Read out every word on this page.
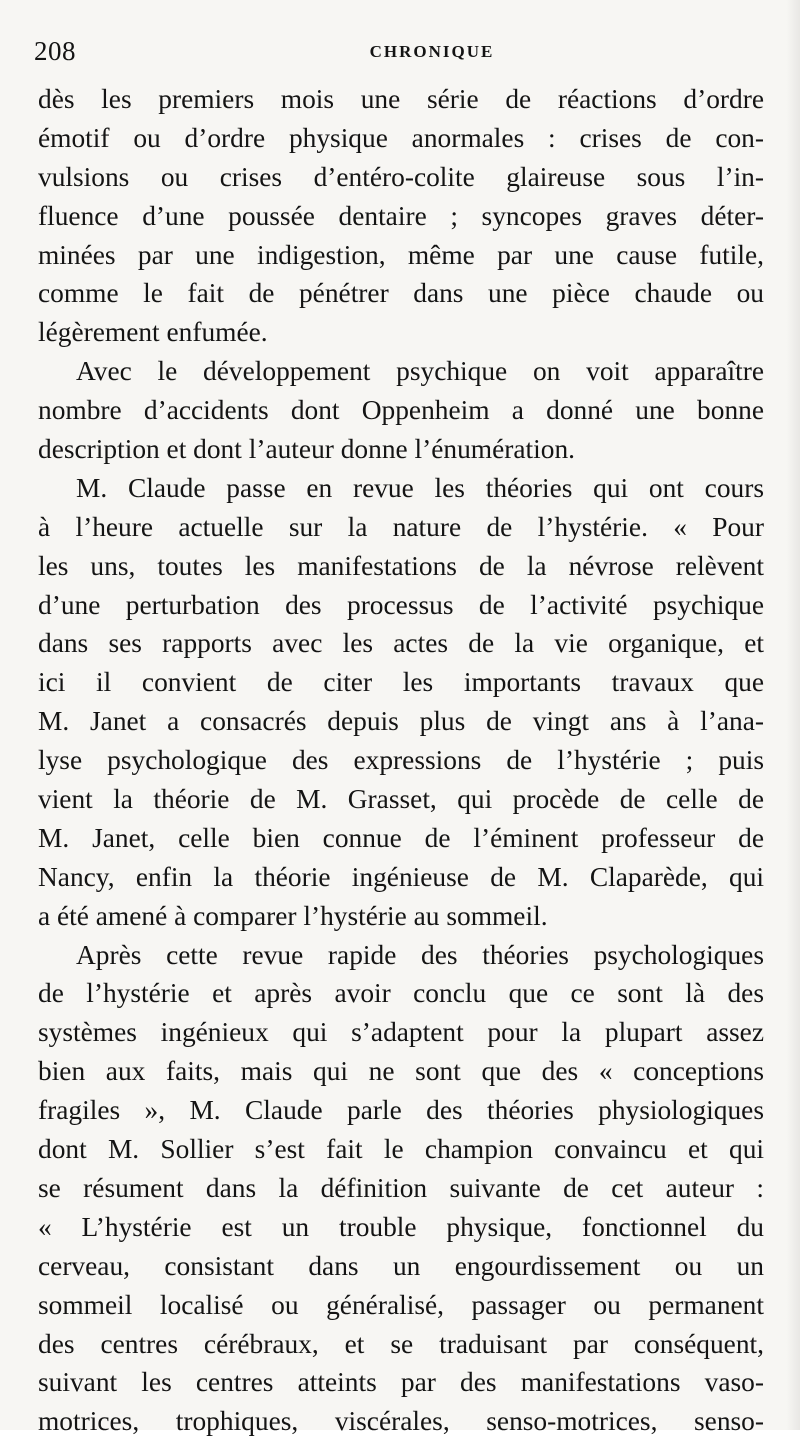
208	CHRONIQUE
dès les premiers mois une série de réactions d’ordre
émotif ou d’ordre physique anormales : crises de con-
vulsions ou crises d’entéro-colite glaireuse sous l’in-
fluence d’une poussée dentaire ; syncopes graves déter-
minées par une indigestion, même par une cause futile,
comme le fait de pénétrer dans une pièce chaude ou
légèrement enfumée.
Avec le développement psychique on voit apparaître
nombre d’accidents dont Oppenheim a donné une bonne
description et dont l’auteur donne l’énumération.
M. Claude passe en revue les théories qui ont cours
à l’heure actuelle sur la nature de l’hystérie. « Pour
les uns, toutes les manifestations de la névrose relèvent
d’une perturbation des processus de l’activité psychique
dans ses rapports avec les actes de la vie organique, et
ici il convient de citer les importants travaux que
M. Janet a consacrés depuis plus de vingt ans à l’ana-
lyse psychologique des expressions de l’hystérie ; puis
vient la théorie de M. Grasset, qui procède de celle de
M. Janet, celle bien connue de l’éminent professeur de
Nancy, enfin la théorie ingénieuse de M. Claparède, qui
a été amené à comparer l’hystérie au sommeil.
Après cette revue rapide des théories psychologiques
de l’hystérie et après avoir conclu que ce sont là des
systèmes ingénieux qui s’adaptent pour la plupart assez
bien aux faits, mais qui ne sont que des « conceptions
fragiles », M. Claude parle des théories physiologiques
dont M. Sollier s’est fait le champion convaincu et qui
se résument dans la définition suivante de cet auteur :
« L’hystérie est un trouble physique, fonctionnel du
cerveau, consistant dans un engourdissement ou un
sommeil localisé ou généralisé, passager ou permanent
des centres cérébraux, et se traduisant par conséquent,
suivant les centres atteints par des manifestations vaso-
motrices, trophiques, viscérales, senso-motrices, senso-
